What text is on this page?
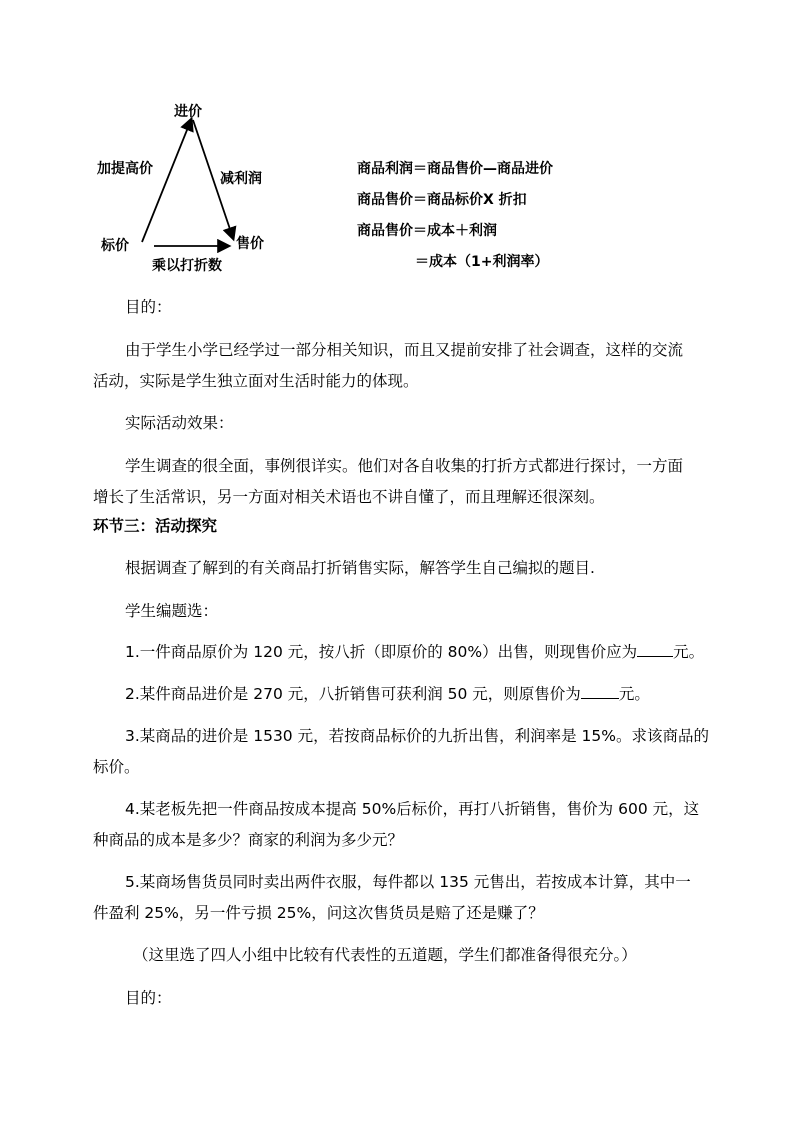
进价
标价	售价
加提高价
减利润
乘以打折数
商品利润＝商品售价—商品进价
商品售价＝商品标价X 折扣
商品售价＝成本＋利润
＝成本（1+利润率）
目的：
由于学生小学已经学过一部分相关知识，而且又提前安排了社会调查，这样的交流
活动，实际是学生独立面对生活时能力的体现。
实际活动效果：
学生调查的很全面，事例很详实。他们对各自收集的打折方式都进行探讨，一方面
增长了生活常识，另一方面对相关术语也不讲自懂了，而且理解还很深刻。
环节三：活动探究
根据调查了解到的有关商品打折销售实际，解答学生自己编拟的题目.
学生编题选：
1.一件商品原价为 120 元，按八折（即原价的 80%）出售，则现售价应为 元。
2.某件商品进价是 270 元，八折销售可获利润 50 元，则原售价为 元。
3.某商品的进价是 1530 元，若按商品标价的九折出售，利润率是 15%。求该商品的
标价。
4.某老板先把一件商品按成本提高 50%后标价，再打八折销售，售价为 600 元，这
种商品的成本是多少？商家的利润为多少元？
5.某商场售货员同时卖出两件衣服，每件都以 135 元售出，若按成本计算，其中一
件盈利 25%，另一件亏损 25%，问这次售货员是赔了还是赚了？
（这里选了四人小组中比较有代表性的五道题，学生们都准备得很充分。）
目的：
